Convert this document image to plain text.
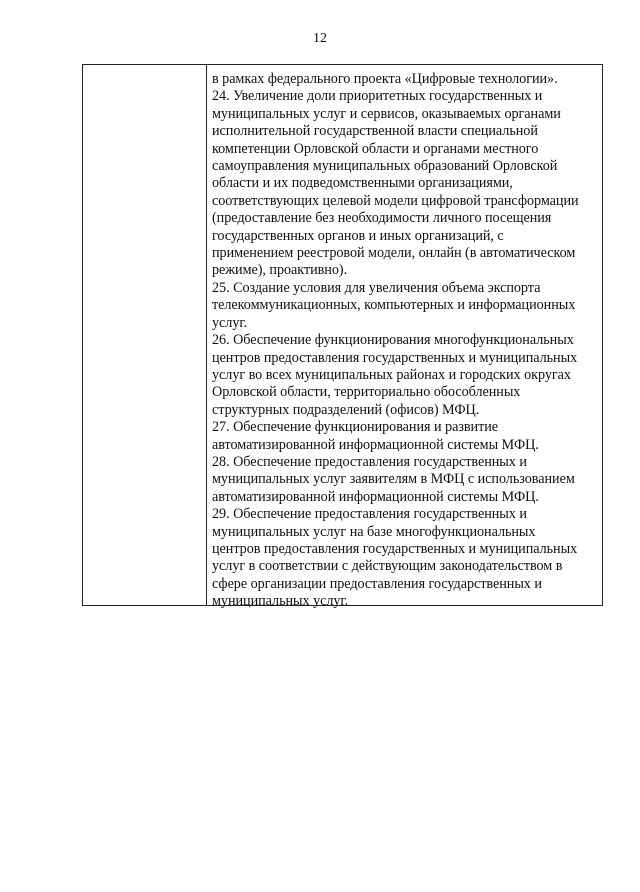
12
в рамках федерального проекта «Цифровые технологии».
24. Увеличение доли приоритетных государственных и
муниципальных услуг и сервисов, оказываемых органами
исполнительной государственной власти специальной
компетенции Орловской области и органами местного
самоуправления муниципальных образований Орловской
области и их подведомственными организациями,
соответствующих целевой модели цифровой трансформации
(предоставление без необходимости личного посещения
государственных органов и иных организаций, с
применением реестровой модели, онлайн (в автоматическом
режиме), проактивно).
25. Создание условия для увеличения объема экспорта
телекоммуникационных, компьютерных и информационных
услуг.
26. Обеспечение функционирования многофункциональных
центров предоставления государственных и муниципальных
услуг во всех муниципальных районах и городских округах
Орловской области, территориально обособленных
структурных подразделений (офисов) МФЦ.
27. Обеспечение функционирования и развитие
автоматизированной информационной системы МФЦ.
28. Обеспечение предоставления государственных и
муниципальных услуг заявителям в МФЦ с использованием
автоматизированной информационной системы МФЦ.
29. Обеспечение предоставления государственных и
муниципальных услуг на базе многофункциональных
центров предоставления государственных и муниципальных
услуг в соответствии с действующим законодательством в
сфере организации предоставления государственных и
муниципальных услуг.
